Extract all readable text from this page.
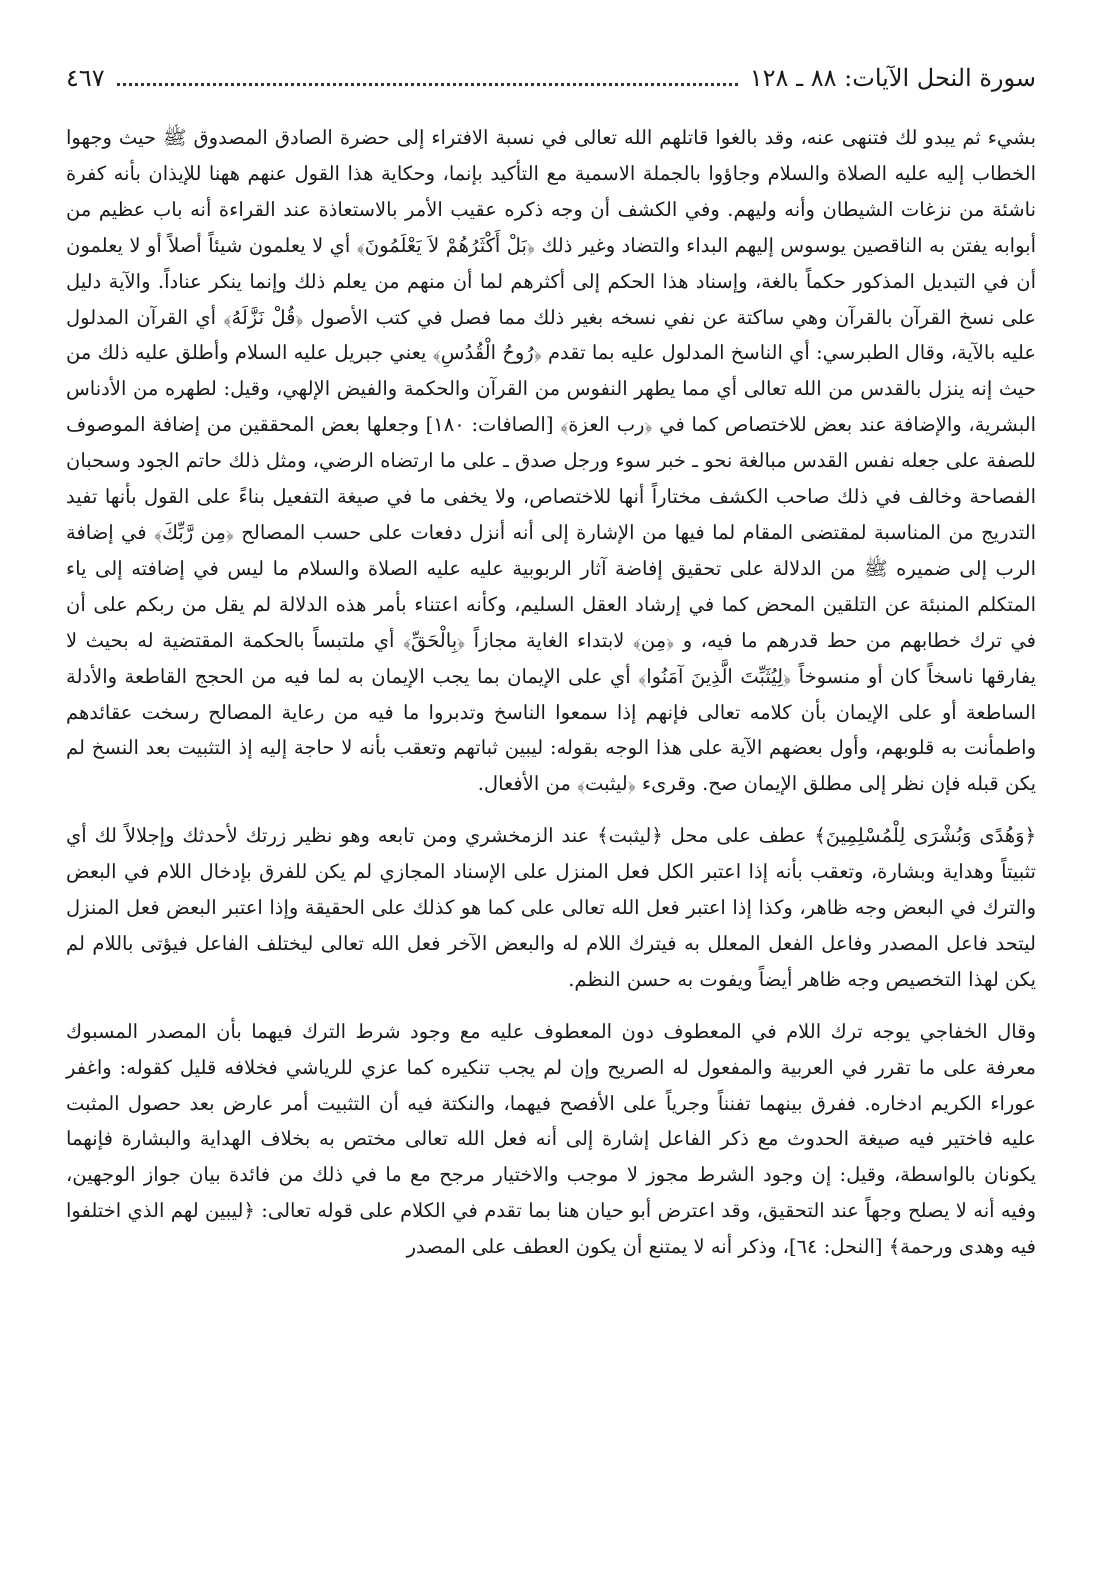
٤٦٧	سورة النحل الآيات: ٨٨ ـ ١٢٨

بشيء ثم يبدو لك فتنهى عنه، وقد بالغوا قاتلهم الله تعالى في نسبة الافتراء إلى حضرة الصادق المصدوق ﷺ حيث وجهوا الخطاب إليه عليه الصلاة والسلام وجاؤوا بالجملة الاسمية مع التأكيد بإنما، وحكاية هذا القول عنهم ههنا للإيذان بأنه كفرة ناشئة من نزغات الشيطان وأنه وليهم. وفي الكشف أن وجه ذكره عقيب الأمر بالاستعاذة عند القراءة أنه باب عظيم من أبوابه يفتن به الناقصين يوسوس إليهم البداء والتضاد وغير ذلك ﴿بَلْ أَكْثَرُهُمْ لاَ يَعْلَمُونَ﴾ أي لا يعلمون شيئاً أصلاً أو لا يعلمون أن في التبديل المذكور حكماً بالغة، وإسناد هذا الحكم إلى أكثرهم لما أن منهم من يعلم ذلك وإنما ينكر عناداً. والآية دليل على نسخ القرآن بالقرآن وهي ساكتة عن نفي نسخه بغير ذلك مما فصل في كتب الأصول ﴿قُلْ نَزَّلَهُ﴾ أي القرآن المدلول عليه بالآية، وقال الطبرسي: أي الناسخ المدلول عليه بما تقدم ﴿رُوحُ الْقُدُسِ﴾ يعني جبريل عليه السلام وأطلق عليه ذلك من حيث إنه ينزل بالقدس من الله تعالى أي مما يطهر النفوس من القرآن والحكمة والفيض الإلهي، وقيل: لطهره من الأدناس البشرية، والإضافة عند بعض للاختصاص كما في ﴿رب العزة﴾ [الصافات: ١٨٠] وجعلها بعض المحققين من إضافة الموصوف للصفة على جعله نفس القدس مبالغة نحو ـ خبر سوء ورجل صدق ـ على ما ارتضاه الرضي، ومثل ذلك حاتم الجود وسحبان الفصاحة وخالف في ذلك صاحب الكشف مختاراً أنها للاختصاص، ولا يخفى ما في صيغة التفعيل بناءً على القول بأنها تفيد التدريج من المناسبة لمقتضى المقام لما فيها من الإشارة إلى أنه أنزل دفعات على حسب المصالح ﴿مِن رَّبِّكَ﴾ في إضافة الرب إلى ضميره ﷺ من الدلالة على تحقيق إفاضة آثار الربوبية عليه عليه الصلاة والسلام ما ليس في إضافته إلى ياء المتكلم المنبئة عن التلقين المحض كما في إرشاد العقل السليم، وكأنه اعتناء بأمر هذه الدلالة لم يقل من ربكم على أن في ترك خطابهم من حط قدرهم ما فيه، و ﴿مِن﴾ لابتداء الغاية مجازاً ﴿بِالْحَقِّ﴾ أي ملتبساً بالحكمة المقتضية له بحيث لا يفارقها ناسخاً كان أو منسوخاً ﴿لِيُثَبِّتَ الَّذِينَ آمَنُوا﴾ أي على الإيمان بما يجب الإيمان به لما فيه من الحجج القاطعة والأدلة الساطعة أو على الإيمان بأن كلامه تعالى فإنهم إذا سمعوا الناسخ وتدبروا ما فيه من رعاية المصالح رسخت عقائدهم واطمأنت به قلوبهم، وأول بعضهم الآية على هذا الوجه بقوله: ليبين ثباتهم وتعقب بأنه لا حاجة إليه إذ التثبيت بعد النسخ لم يكن قبله فإن نظر إلى مطلق الإيمان صح. وقرىء ﴿ليثبت﴾ من الأفعال.

﴿وَهُدًى وَبُشْرَى لِلْمُسْلِمِينَ﴾ عطف على محل ﴿ليثبت﴾ عند الزمخشري ومن تابعه وهو نظير زرتك لأحدثك وإجلالاً لك أي تثبيتاً وهداية وبشارة، وتعقب بأنه إذا اعتبر الكل فعل المنزل على الإسناد المجازي لم يكن للفرق بإدخال اللام في البعض والترك في البعض وجه ظاهر، وكذا إذا اعتبر فعل الله تعالى على كما هو كذلك على الحقيقة وإذا اعتبر البعض فعل المنزل ليتحد فاعل المصدر وفاعل الفعل المعلل به فيترك اللام له والبعض الآخر فعل الله تعالى ليختلف الفاعل فيؤتى باللام لم يكن لهذا التخصيص وجه ظاهر أيضاً ويفوت به حسن النظم.

وقال الخفاجي يوجه ترك اللام في المعطوف دون المعطوف عليه مع وجود شرط الترك فيهما بأن المصدر المسبوك معرفة على ما تقرر في العربية والمفعول له الصريح وإن لم يجب تنكيره كما عزي للرياشي فخلافه قليل كقوله: واغفر عوراء الكريم ادخاره. ففرق بينهما تفنناً وجرياً على الأفصح فيهما، والنكتة فيه أن التثبيت أمر عارض بعد حصول المثبت عليه فاختير فيه صيغة الحدوث مع ذكر الفاعل إشارة إلى أنه فعل الله تعالى مختص به بخلاف الهداية والبشارة فإنهما يكونان بالواسطة، وقيل: إن وجود الشرط مجوز لا موجب والاختيار مرجح مع ما في ذلك من فائدة بيان جواز الوجهين، وفيه أنه لا يصلح وجهاً عند التحقيق، وقد اعترض أبو حيان هنا بما تقدم في الكلام على قوله تعالى: ﴿ليبين لهم الذي اختلفوا فيه وهدى ورحمة﴾ [النحل: ٦٤]، وذكر أنه لا يمتنع أن يكون العطف على المصدر
